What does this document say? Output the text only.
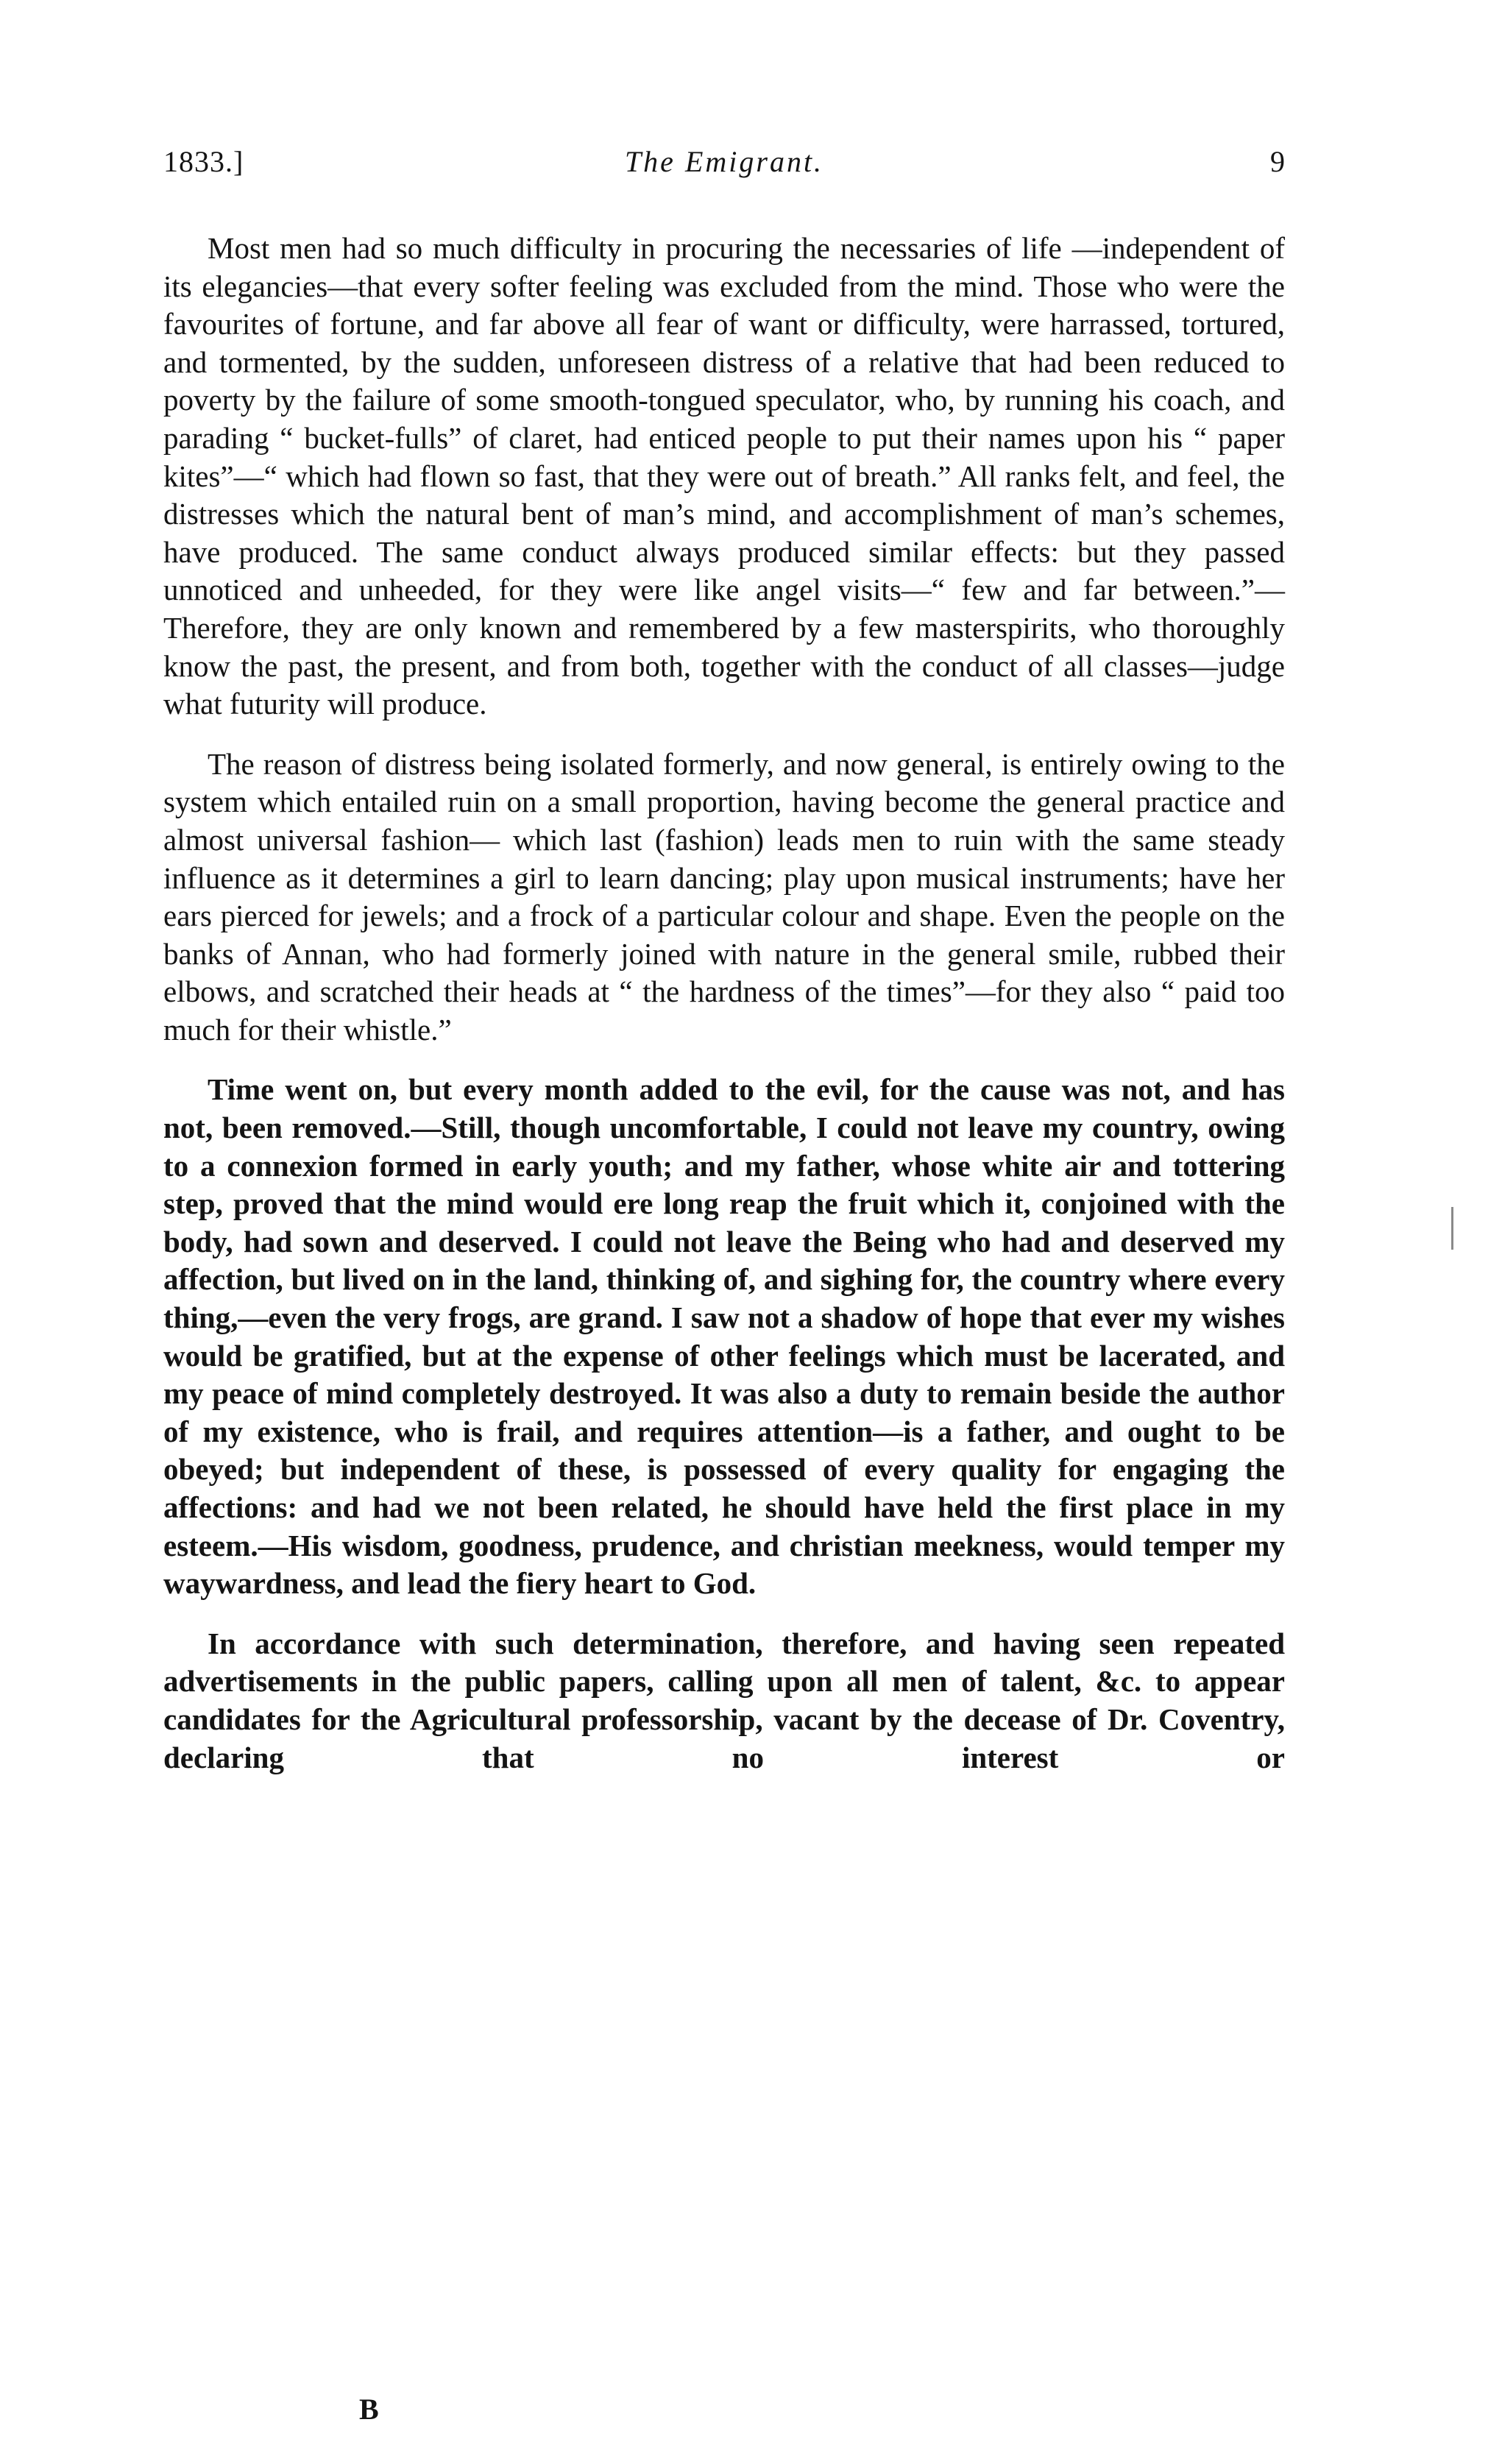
1833.]	The Emigrant.	9

Most men had so much difficulty in procuring the necessaries of life —independent of its elegancies—that every softer feeling was excluded from the mind. Those who were the favourites of fortune, and far above all fear of want or difficulty, were harrassed, tortured, and tormented, by the sudden, unforeseen distress of a relative that had been reduced to poverty by the failure of some smooth-tongued speculator, who, by running his coach, and parading “ bucket-fulls” of claret, had enticed people to put their names upon his “ paper kites”—“ which had flown so fast, that they were out of breath.” All ranks felt, and feel, the distresses which the natural bent of man’s mind, and accomplishment of man’s schemes, have produced. The same conduct always produced similar effects: but they passed unnoticed and unheeded, for they were like angel visits—“ few and far between.”— Therefore, they are only known and remembered by a few masterspirits, who thoroughly know the past, the present, and from both, together with the conduct of all classes—judge what futurity will produce.

The reason of distress being isolated formerly, and now general, is entirely owing to the system which entailed ruin on a small proportion, having become the general practice and almost universal fashion— which last (fashion) leads men to ruin with the same steady influence as it determines a girl to learn dancing; play upon musical instruments; have her ears pierced for jewels; and a frock of a particular colour and shape. Even the people on the banks of Annan, who had formerly joined with nature in the general smile, rubbed their elbows, and scratched their heads at “ the hardness of the times”—for they also “ paid too much for their whistle.”

Time went on, but every month added to the evil, for the cause was not, and has not, been removed.—Still, though uncomfortable, I could not leave my country, owing to a connexion formed in early youth; and my father, whose white air and tottering step, proved that the mind would ere long reap the fruit which it, conjoined with the body, had sown and deserved. I could not leave the Being who had and deserved my affection, but lived on in the land, thinking of, and sighing for, the country where every thing,—even the very frogs, are grand. I saw not a shadow of hope that ever my wishes would be gratified, but at the expense of other feelings which must be lacerated, and my peace of mind completely destroyed. It was also a duty to remain beside the author of my existence, who is frail, and requires attention—is a father, and ought to be obeyed; but independent of these, is possessed of every quality for engaging the affections: and had we not been related, he should have held the first place in my esteem.—His wisdom, goodness, prudence, and christian meekness, would temper my waywardness, and lead the fiery heart to God.

In accordance with such determination, therefore, and having seen repeated advertisements in the public papers, calling upon all men of talent, &c. to appear candidates for the Agricultural professorship, vacant by the decease of Dr. Coventry, declaring that no interest or

B
